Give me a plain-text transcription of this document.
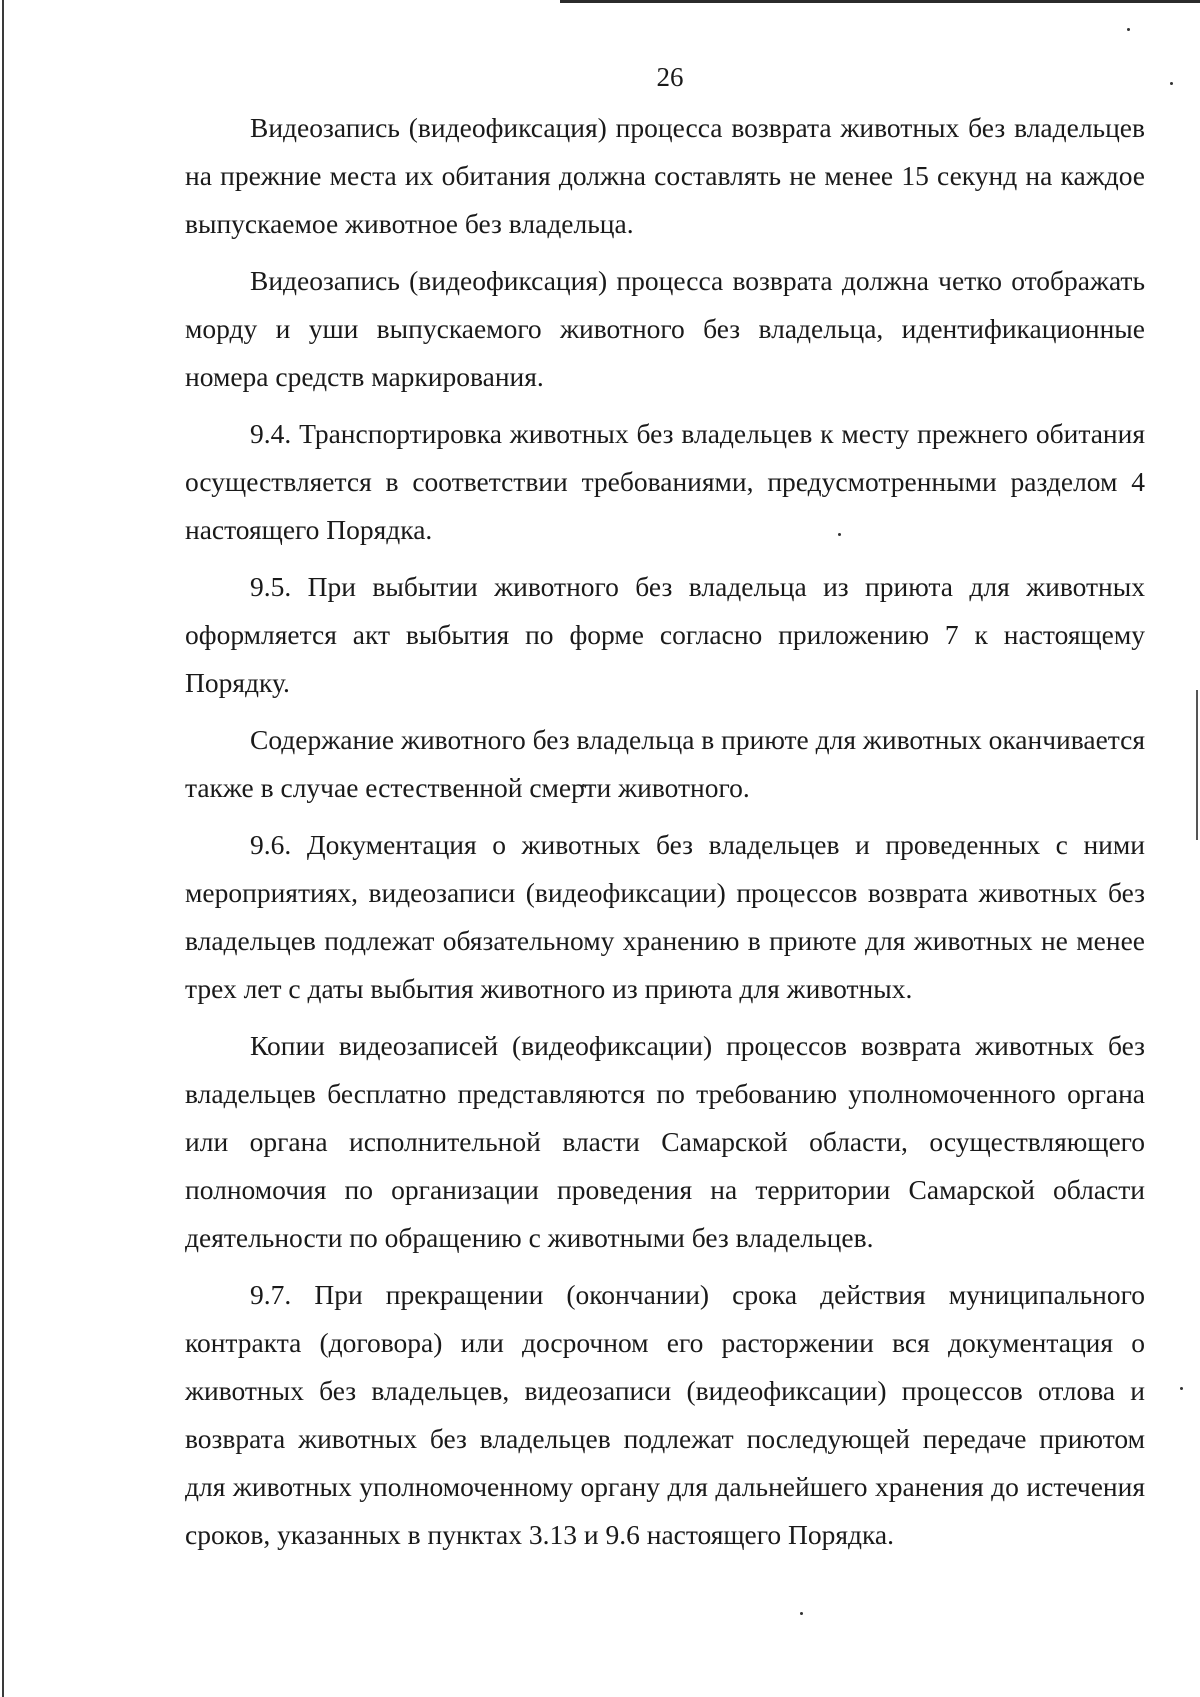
26

Видеозапись (видеофиксация) процесса возврата животных без владельцев на прежние места их обитания должна составлять не менее 15 секунд на каждое выпускаемое животное без владельца.

Видеозапись (видеофиксация) процесса возврата должна четко отображать морду и уши выпускаемого животного без владельца, идентификационные номера средств маркирования.

9.4. Транспортировка животных без владельцев к месту прежнего обитания осуществляется в соответствии требованиями, предусмотренными разделом 4 настоящего Порядка.

9.5. При выбытии животного без владельца из приюта для животных оформляется акт выбытия по форме согласно приложению 7 к настоящему Порядку.

Содержание животного без владельца в приюте для животных оканчивается также в случае естественной смерти животного.

9.6. Документация о животных без владельцев и проведенных с ними мероприятиях, видеозаписи (видеофиксации) процессов возврата животных без владельцев подлежат обязательному хранению в приюте для животных не менее трех лет с даты выбытия животного из приюта для животных.

Копии видеозаписей (видеофиксации) процессов возврата животных без владельцев бесплатно представляются по требованию уполномоченного органа или органа исполнительной власти Самарской области, осуществляющего полномочия по организации проведения на территории Самарской области деятельности по обращению с животными без владельцев.

9.7. При прекращении (окончании) срока действия муниципального контракта (договора) или досрочном его расторжении вся документация о животных без владельцев, видеозаписи (видеофиксации) процессов отлова и возврата животных без владельцев подлежат последующей передаче приютом для животных уполномоченному органу для дальнейшего хранения до истечения сроков, указанных в пунктах 3.13 и 9.6 настоящего Порядка.
